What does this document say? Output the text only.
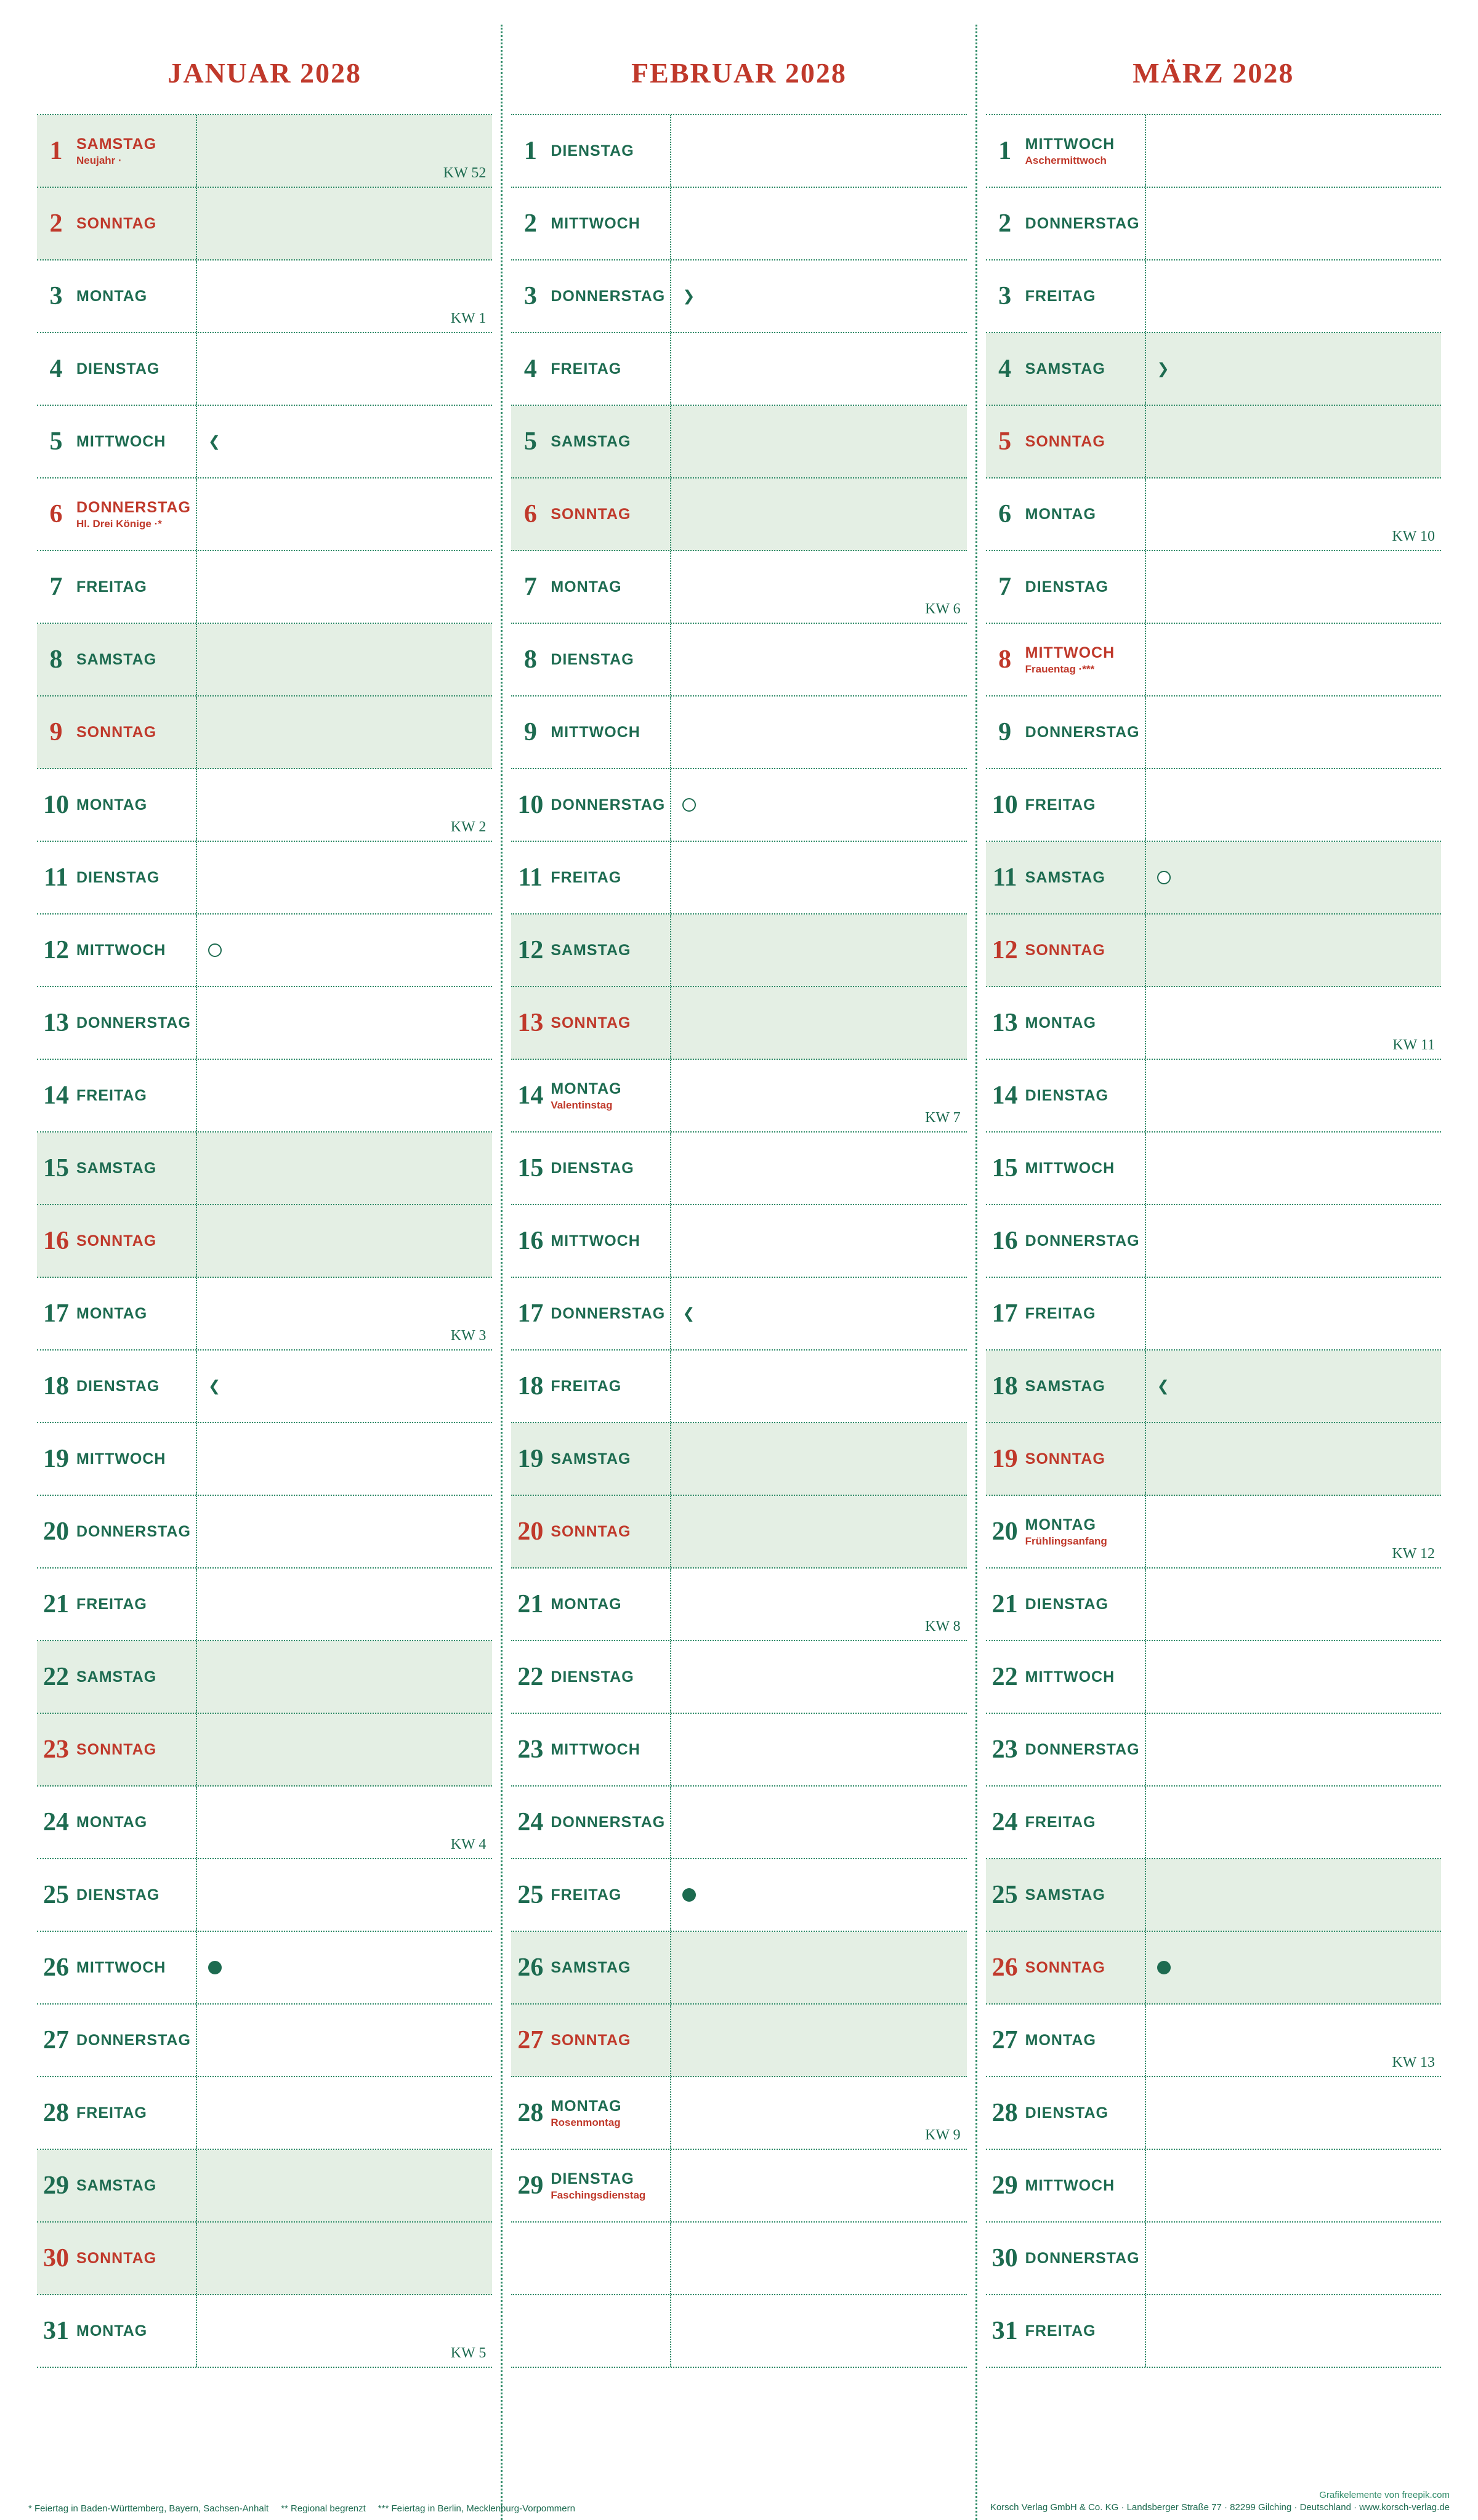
JANUAR 2028
1 SAMSTAG
Neujahr ·
KW 52
2 SONNTAG
3 MONTAG
KW 1
4 DIENSTAG
5 MITTWOCH
❮
6 DONNERSTAG
Hl. Drei Könige ·*
7 FREITAG
8 SAMSTAG
9 SONNTAG
10 MONTAG
KW 2
11 DIENSTAG
12 MITTWOCH
13 DONNERSTAG
14 FREITAG
15 SAMSTAG
16 SONNTAG
17 MONTAG
KW 3
18 DIENSTAG
❮
19 MITTWOCH
20 DONNERSTAG
21 FREITAG
22 SAMSTAG
23 SONNTAG
24 MONTAG
KW 4
25 DIENSTAG
26 MITTWOCH
27 DONNERSTAG
28 FREITAG
29 SAMSTAG
30 SONNTAG
31 MONTAG
KW 5
FEBRUAR 2028
1 DIENSTAG
2 MITTWOCH
3 DONNERSTAG
❯
4 FREITAG
5 SAMSTAG
6 SONNTAG
7 MONTAG
KW 6
8 DIENSTAG
9 MITTWOCH
10 DONNERSTAG
11 FREITAG
12 SAMSTAG
13 SONNTAG
14 MONTAG
Valentinstag
KW 7
15 DIENSTAG
16 MITTWOCH
17 DONNERSTAG
❮
18 FREITAG
19 SAMSTAG
20 SONNTAG
21 MONTAG
KW 8
22 DIENSTAG
23 MITTWOCH
24 DONNERSTAG
25 FREITAG
26 SAMSTAG
27 SONNTAG
28 MONTAG
Rosenmontag
KW 9
29 DIENSTAG
Faschingsdienstag
MÄRZ 2028
1 MITTWOCH
Aschermittwoch
2 DONNERSTAG
3 FREITAG
4 SAMSTAG
❯
5 SONNTAG
6 MONTAG
KW 10
7 DIENSTAG
8 MITTWOCH
Frauentag ·***
9 DONNERSTAG
10 FREITAG
11 SAMSTAG
12 SONNTAG
13 MONTAG
KW 11
14 DIENSTAG
15 MITTWOCH
16 DONNERSTAG
17 FREITAG
18 SAMSTAG
❮
19 SONNTAG
20 MONTAG
Frühlingsanfang
KW 12
21 DIENSTAG
22 MITTWOCH
23 DONNERSTAG
24 FREITAG
25 SAMSTAG
26 SONNTAG
27 MONTAG
KW 13
28 DIENSTAG
29 MITTWOCH
30 DONNERSTAG
31 FREITAG
* Feiertag in Baden-Württemberg, Bayern, Sachsen-Anhalt	** Regional begrenzt	*** Feiertag in Berlin, Mecklenburg-Vorpommern
Grafikelemente von freepik.com
Korsch Verlag GmbH & Co. KG · Landsberger Straße 77 · 82299 Gilching · Deutschland · www.korsch-verlag.de
